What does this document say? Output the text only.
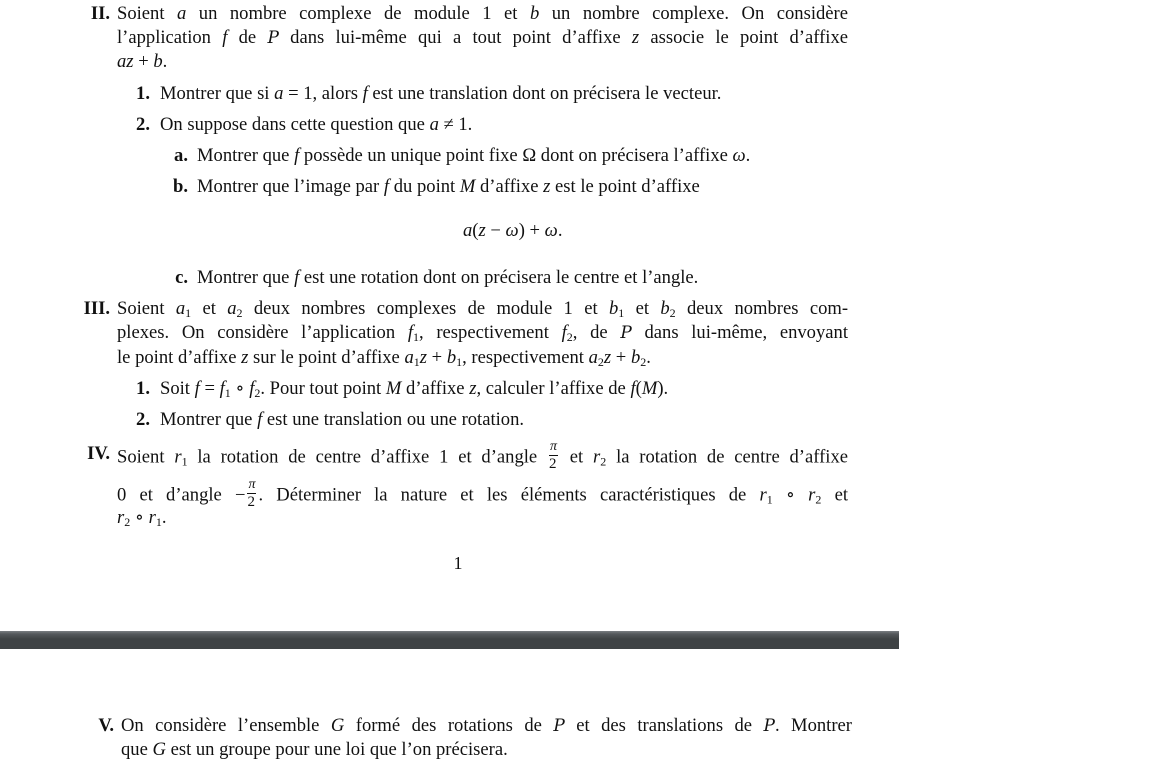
II. Soient a un nombre complexe de module 1 et b un nombre complexe. On considère
l’application f de P dans lui-même qui a tout point d’affixe z associe le point d’affixe
az + b.
1. Montrer que si a = 1, alors f est une translation dont on précisera le vecteur.
2. On suppose dans cette question que a ≠ 1.
a. Montrer que f possède un unique point fixe Ω dont on précisera l’affixe ω.
b. Montrer que l’image par f du point M d’affixe z est le point d’affixe
a(z − ω) + ω.
c. Montrer que f est une rotation dont on précisera le centre et l’angle.
III. Soient $a_1$ et $a_2$ deux nombres complexes de module 1 et $b_1$ et $b_2$ deux nombres com-
plexes. On considère l’application $f_1$, respectivement $f_2$, de P dans lui-même, envoyant
le point d’affixe z sur le point d’affixe $a_1z + b_1$, respectivement $a_2z + b_2$.
1. Soit $f = f_1$ ∘ $f_2$. Pour tout point M d’affixe z, calculer l’affixe de f(M).
2. Montrer que f est une translation ou une rotation.
IV. Soient $r_1$ la rotation de centre d’affixe 1 et d’angle $\frac{\pi}{2}$ et $r_2$ la rotation de centre d’affixe
0 et d’angle − $\frac{\pi}{2}$ . Déterminer la nature et les éléments caractéristiques de $r_1$ ∘ $r_2$ et
$r_2$ ∘ $r_1$.
1
V. On considère l’ensemble G formé des rotations de P et des translations de P. Montrer
que G est un groupe pour une loi que l’on précisera.
